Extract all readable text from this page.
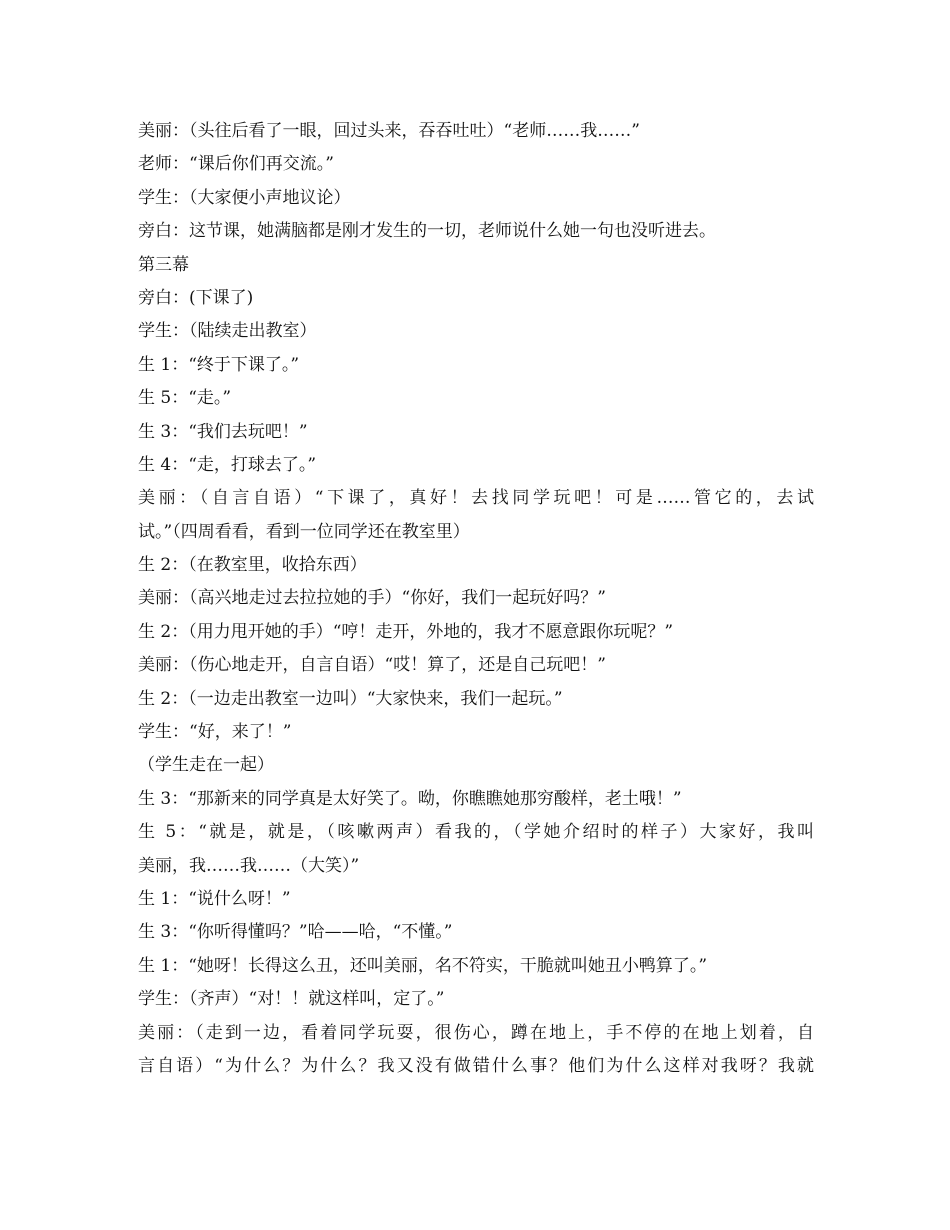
美丽：（头往后看了一眼，回过头来，吞吞吐吐）“老师……我……”
老师：“课后你们再交流。”
学生：（大家便小声地议论）
旁白：这节课，她满脑都是刚才发生的一切，老师说什么她一句也没听进去。
第三幕
旁白：(下课了)
学生：（陆续走出教室）
生 1：“终于下课了。”
生 5：“走。”
生 3：“我们去玩吧！”
生 4：“走，打球去了。”
美丽：（自言自语）“下课了，真好！去找同学玩吧！可是……管它的，去试
试。”（四周看看，看到一位同学还在教室里）
生 2：（在教室里，收拾东西）
美丽：（高兴地走过去拉拉她的手）“你好，我们一起玩好吗？”
生 2：（用力甩开她的手）“哼！走开，外地的，我才不愿意跟你玩呢？”
美丽：（伤心地走开，自言自语）“哎！算了，还是自己玩吧！”
生 2：（一边走出教室一边叫）“大家快来，我们一起玩。”
学生：“好，来了！”
（学生走在一起）
生 3：“那新来的同学真是太好笑了。呦，你瞧瞧她那穷酸样，老土哦！”
生 5：“就是，就是，（咳嗽两声）看我的，（学她介绍时的样子）大家好，我叫
美丽，我……我……（大笑）”
生 1：“说什么呀！”
生 3：“你听得懂吗？”哈——哈，“不懂。”
生 1：“她呀！长得这么丑，还叫美丽，名不符实，干脆就叫她丑小鸭算了。”
学生：（齐声）“对！！就这样叫，定了。”
美丽：（走到一边，看着同学玩耍，很伤心，蹲在地上，手不停的在地上划着，自
言自语）“为什么？为什么？我又没有做错什么事？他们为什么这样对我呀？我就
